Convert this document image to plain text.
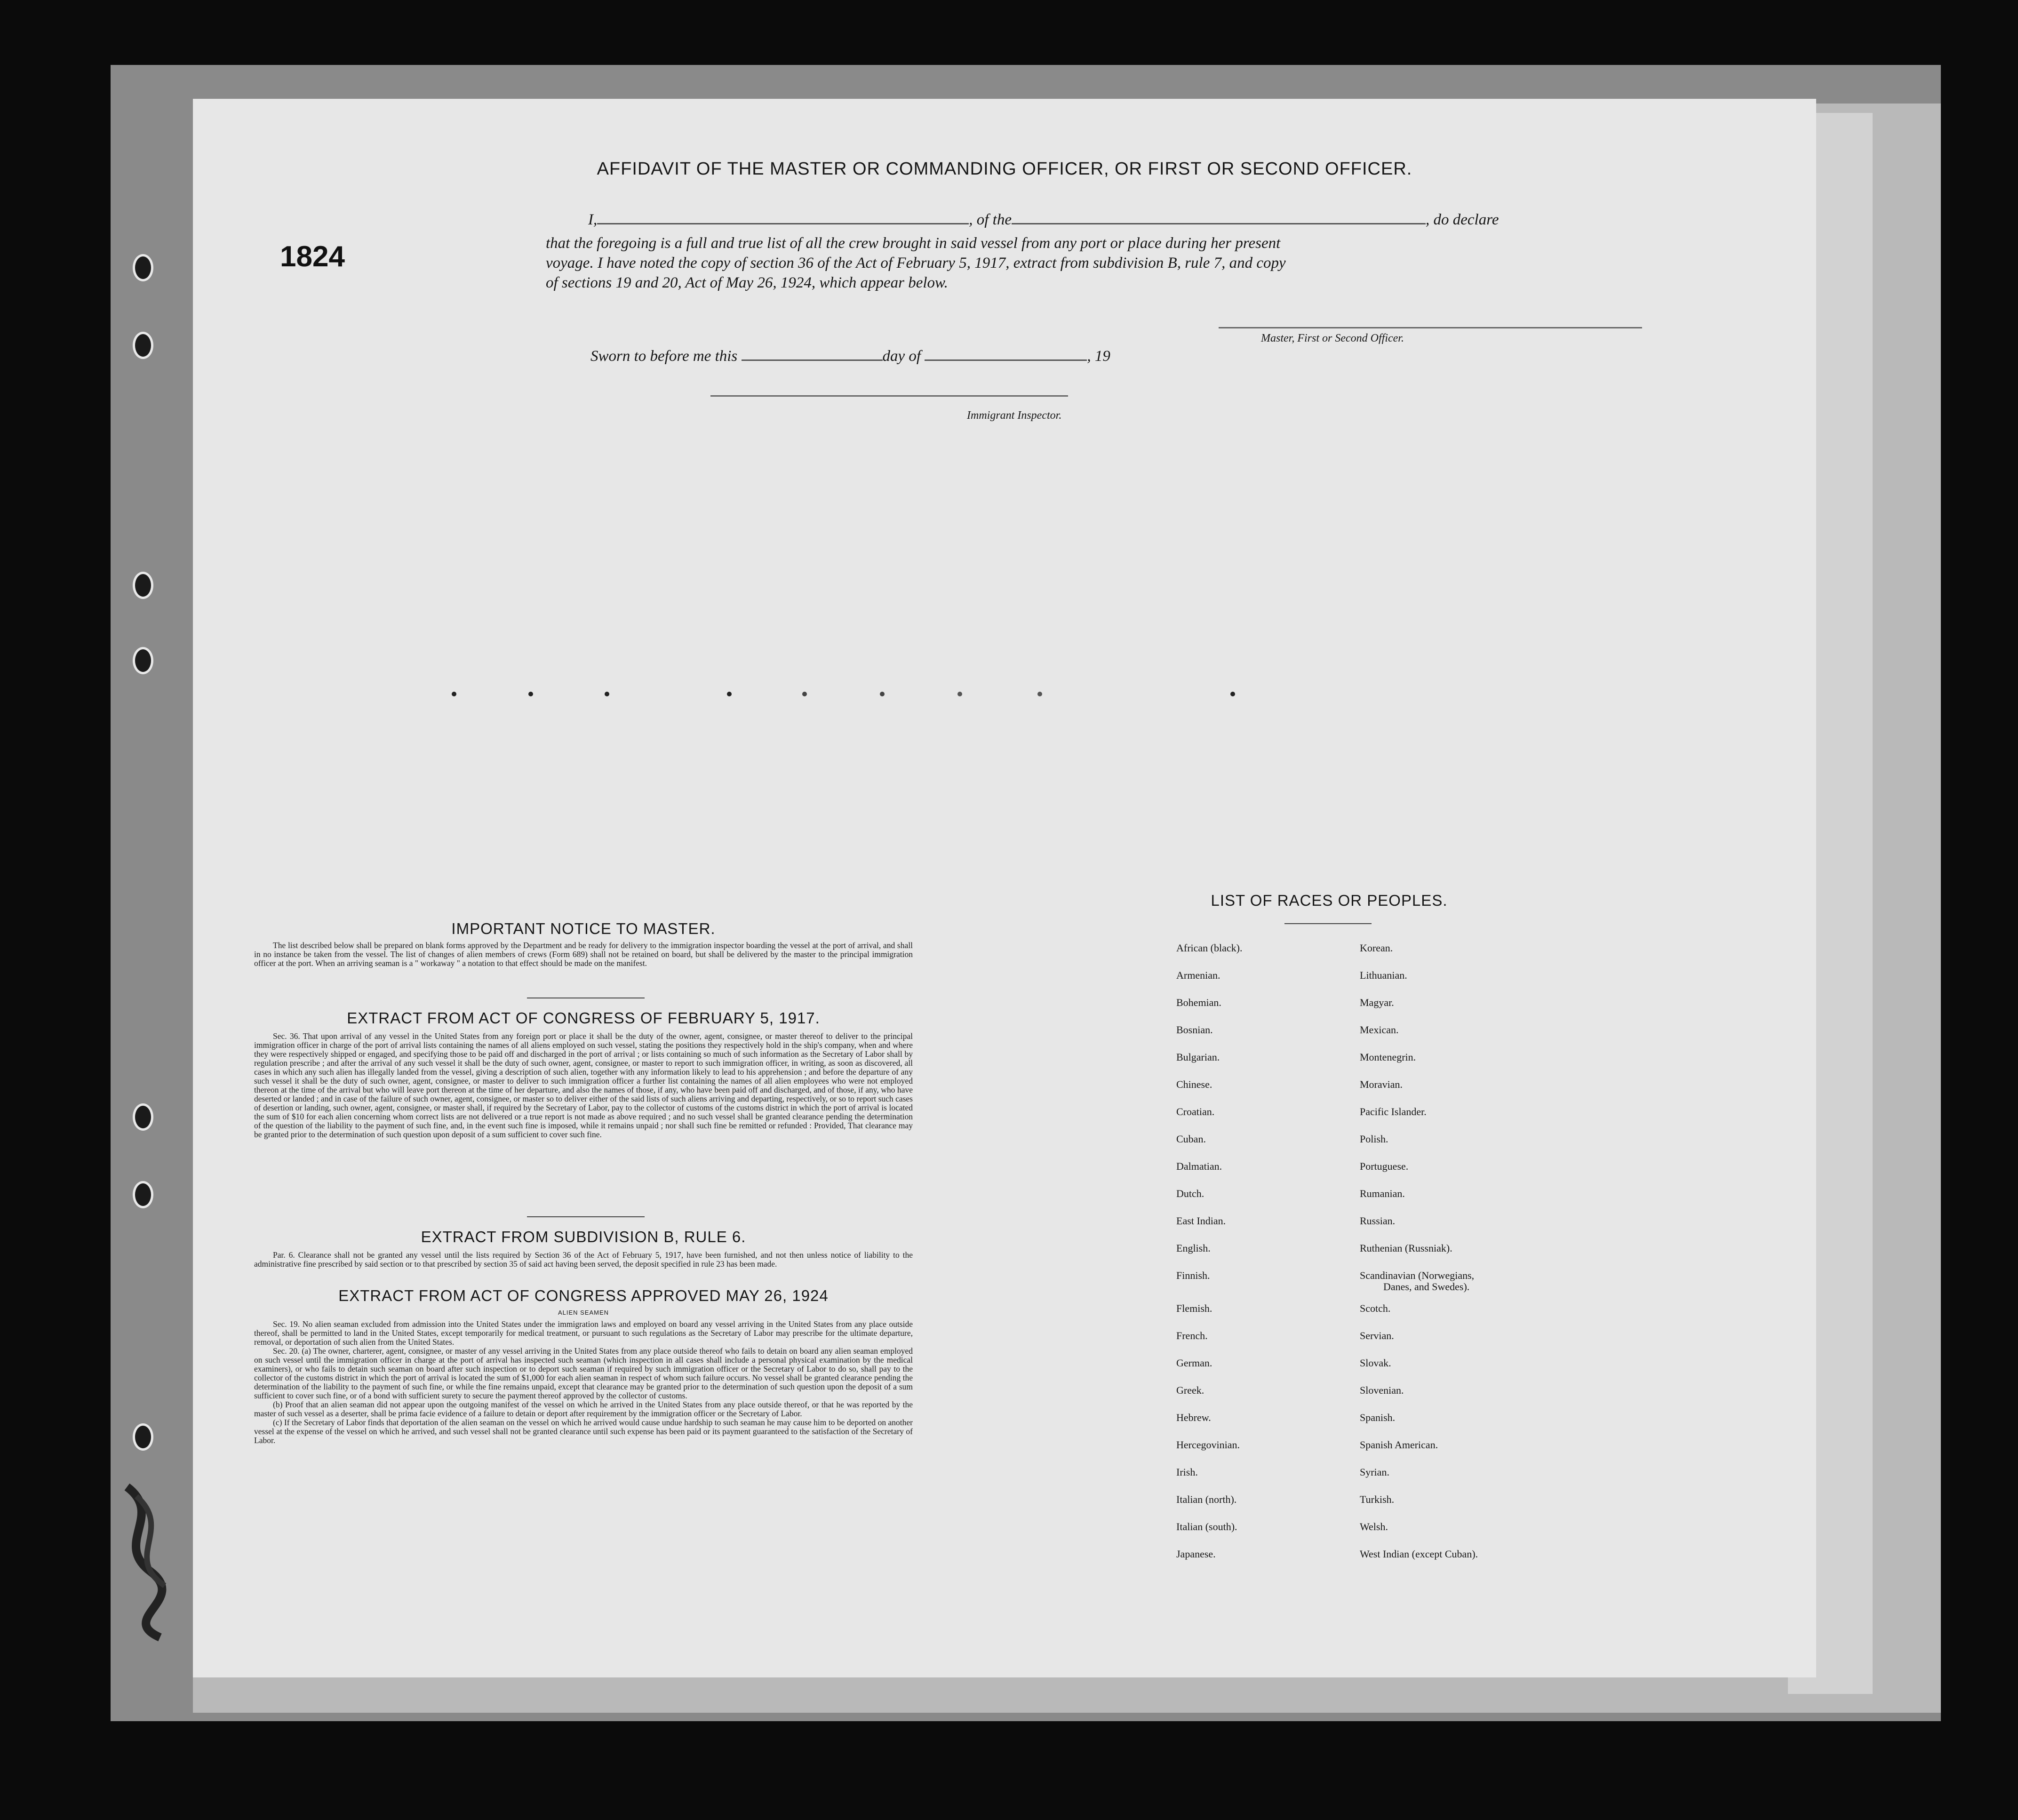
AFFIDAVIT OF THE MASTER OR COMMANDING OFFICER, OR FIRST OR SECOND OFFICER.
I,	, of the	, do declare
that the foregoing is a full and true list of all the crew brought in said vessel from any port or place during her present
voyage. I have noted the copy of section 36 of the Act of February 5, 1917, extract from subdivision B, rule 7, and copy
of sections 19 and 20, Act of May 26, 1924, which appear below.
1824
Master, First or Second Officer.
Sworn to before me this	day of	, 19
Immigrant Inspector.
IMPORTANT NOTICE TO MASTER.

The list described below shall be prepared on blank forms approved by the Department and be ready for delivery to the immigration inspector boarding the vessel at the port of arrival, and shall in no instance be taken from the vessel. The list of changes of alien members of crews (Form 689) shall not be retained on board, but shall be delivered by the master to the principal immigration officer at the port. When an arriving seaman is a " workaway " a notation to that effect should be made on the manifest.

EXTRACT FROM ACT OF CONGRESS OF FEBRUARY 5, 1917.

Sec. 36. That upon arrival of any vessel in the United States from any foreign port or place it shall be the duty of the owner, agent, consignee, or master thereof to deliver to the principal immigration officer in charge of the port of arrival lists containing the names of all aliens employed on such vessel, stating the positions they respectively hold in the ship's company, when and where they were respectively shipped or engaged, and specifying those to be paid off and discharged in the port of arrival ; or lists containing so much of such information as the Secretary of Labor shall by regulation prescribe ; and after the arrival of any such vessel it shall be the duty of such owner, agent, consignee, or master to report to such immigration officer, in writing, as soon as discovered, all cases in which any such alien has illegally landed from the vessel, giving a description of such alien, together with any information likely to lead to his apprehension ; and before the departure of any such vessel it shall be the duty of such owner, agent, consignee, or master to deliver to such immigration officer a further list containing the names of all alien employees who were not employed thereon at the time of the arrival but who will leave port thereon at the time of her departure, and also the names of those, if any, who have been paid off and discharged, and of those, if any, who have deserted or landed ; and in case of the failure of such owner, agent, consignee, or master so to deliver either of the said lists of such aliens arriving and departing, respectively, or so to report such cases of desertion or landing, such owner, agent, consignee, or master shall, if required by the Secretary of Labor, pay to the collector of customs of the customs district in which the port of arrival is located the sum of $10 for each alien concerning whom correct lists are not delivered or a true report is not made as above required ; and no such vessel shall be granted clearance pending the determination of the question of the liability to the payment of such fine, and, in the event such fine is imposed, while it remains unpaid ; nor shall such fine be remitted or refunded : Provided, That clearance may be granted prior to the determination of such question upon deposit of a sum sufficient to cover such fine.

EXTRACT FROM SUBDIVISION B, RULE 6.

Par. 6. Clearance shall not be granted any vessel until the lists required by Section 36 of the Act of February 5, 1917, have been furnished, and not then unless notice of liability to the administrative fine prescribed by said section or to that prescribed by section 35 of said act having been served, the deposit specified in rule 23 has been made.

EXTRACT FROM ACT OF CONGRESS APPROVED MAY 26, 1924
ALIEN SEAMEN

Sec. 19. No alien seaman excluded from admission into the United States under the immigration laws and employed on board any vessel arriving in the United States from any place outside thereof, shall be permitted to land in the United States, except temporarily for medical treatment, or pursuant to such regulations as the Secretary of Labor may prescribe for the ultimate departure, removal, or deportation of such alien from the United States.

Sec. 20. (a) The owner, charterer, agent, consignee, or master of any vessel arriving in the United States from any place outside thereof who fails to detain on board any alien seaman employed on such vessel until the immigration officer in charge at the port of arrival has inspected such seaman (which inspection in all cases shall include a personal physical examination by the medical examiners), or who fails to detain such seaman on board after such inspection or to deport such seaman if required by such immigration officer or the Secretary of Labor to do so, shall pay to the collector of the customs district in which the port of arrival is located the sum of $1,000 for each alien seaman in respect of whom such failure occurs. No vessel shall be granted clearance pending the determination of the liability to the payment of such fine, or while the fine remains unpaid, except that clearance may be granted prior to the determination of such question upon the deposit of a sum sufficient to cover such fine, or of a bond with sufficient surety to secure the payment thereof approved by the collector of customs.

(b) Proof that an alien seaman did not appear upon the outgoing manifest of the vessel on which he arrived in the United States from any place outside thereof, or that he was reported by the master of such vessel as a deserter, shall be prima facie evidence of a failure to detain or deport after requirement by the immigration officer or the Secretary of Labor.

(c) If the Secretary of Labor finds that deportation of the alien seaman on the vessel on which he arrived would cause undue hardship to such seaman he may cause him to be deported on another vessel at the expense of the vessel on which he arrived, and such vessel shall not be granted clearance until such expense has been paid or its payment guaranteed to the satisfaction of the Secretary of Labor.

LIST OF RACES OR PEOPLES.
African (black).
Armenian.
Bohemian.
Bosnian.
Bulgarian.
Chinese.
Croatian.
Cuban.
Dalmatian.
Dutch.
East Indian.
English.
Finnish.
Flemish.
French.
German.
Greek.
Hebrew.
Hercegovinian.
Irish.
Italian (north).
Italian (south).
Japanese.
Korean.
Lithuanian.
Magyar.
Mexican.
Montenegrin.
Moravian.
Pacific Islander.
Polish.
Portuguese.
Rumanian.
Russian.
Ruthenian (Russniak).
Scandinavian (Norwegians,
Scotch.
Servian.
Slovak.
Slovenian.
Spanish.
Spanish American.
Syrian.
Turkish.
Welsh.
West Indian (except Cuban).
Danes, and Swedes).
